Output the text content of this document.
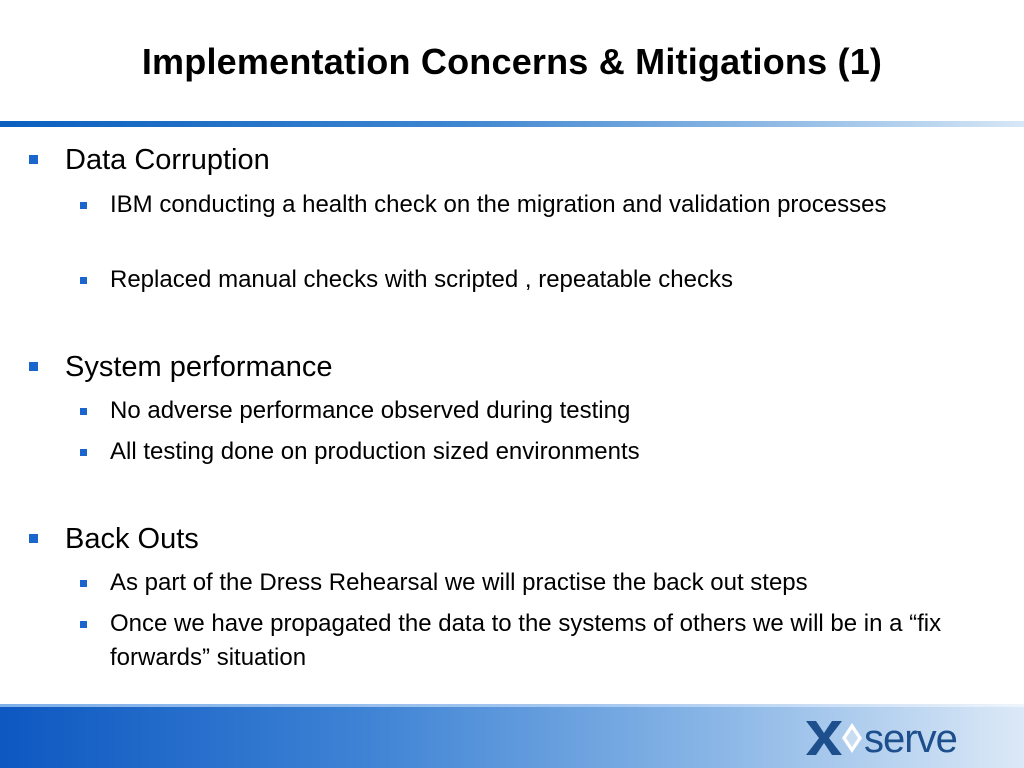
Implementation Concerns & Mitigations (1)
Data Corruption
IBM conducting a health check on the migration and validation processes
Replaced manual checks with scripted , repeatable checks
System performance
No adverse performance observed during testing
All testing done on production sized environments
Back Outs
As part of the Dress Rehearsal we will practise the back out steps
Once we have propagated the data to the systems of others we will be in a “fix forwards” situation
serve
